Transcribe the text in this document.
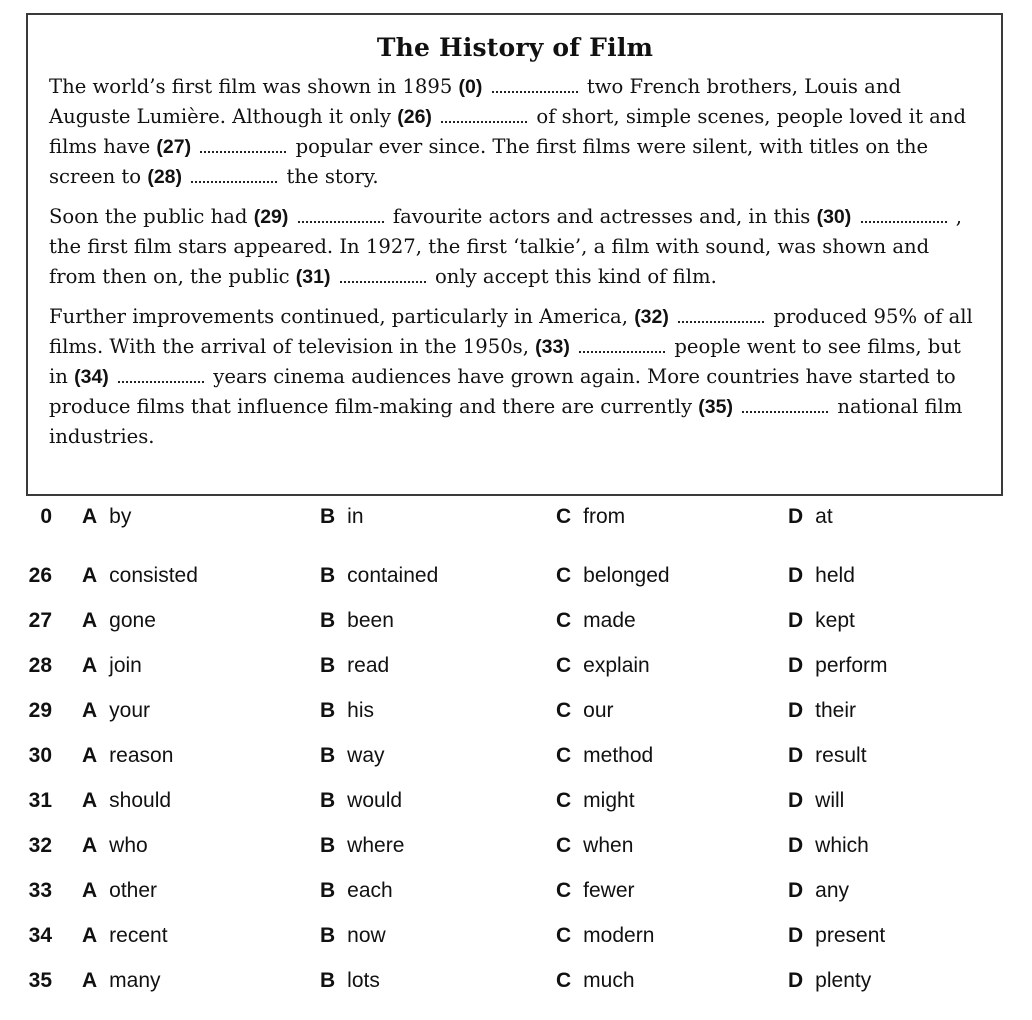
The History of Film

The world’s first film was shown in 1895 (0)	two French brothers, Louis and Auguste Lumière. Although it only (26)	of short, simple scenes, people loved it and films have (27)	popular ever since. The first films were silent, with titles on the screen to (28)	the story.

Soon the public had (29)	favourite actors and actresses and, in this (30)	, the first film stars appeared. In 1927, the first ‘talkie’, a film with sound, was shown and from then on, the public (31)	only accept this kind of film.

Further improvements continued, particularly in America, (32)	produced 95% of all films. With the arrival of television in the 1950s, (33)	people went to see films, but in (34)	years cinema audiences have grown again. More countries have started to produce films that influence film-making and there are currently (35)	national film industries.

0 A by	B in	C from	D at
26 A consisted	B contained	C belonged	D held
27 A gone	B been	C made	D kept
28 A join	B read	C explain	D perform
29 A your	B his	C our	D their
30 A reason	B way	C method	D result
31 A should	B would	C might	D will
32 A who	B where	C when	D which
33 A other	B each	C fewer	D any
34 A recent	B now	C modern	D present
35 A many	B lots	C much	D plenty
